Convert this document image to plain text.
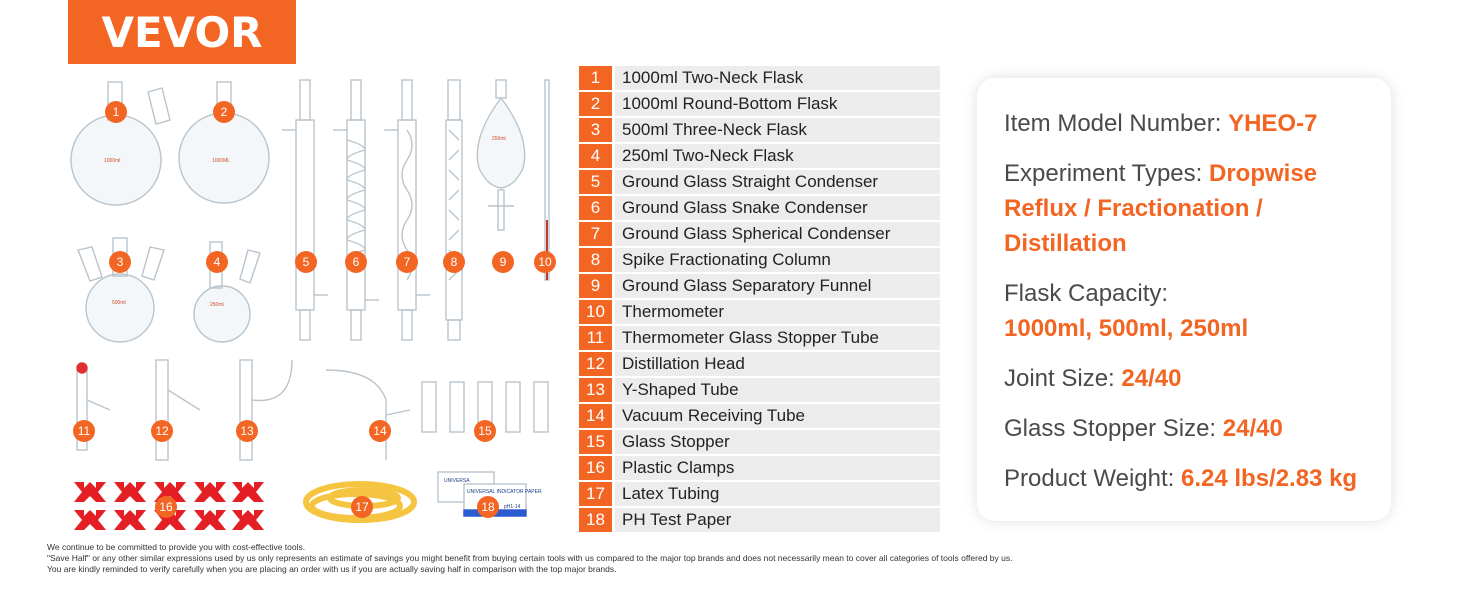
VEVOR
1000ml	1000ML
500ml	250ml
250ml
UNIVERSA
UNIVERSAL INDICATOR PAPER
pH1-14
1	2
3	4	5	6	7	8	9	10
11	12	13	14	15
16	17	18
1	1000ml Two-Neck Flask
2	1000ml Round-Bottom Flask
3	500ml Three-Neck Flask
4	250ml Two-Neck Flask
5	Ground Glass Straight Condenser
6	Ground Glass Snake Condenser
7	Ground Glass Spherical Condenser
8	Spike Fractionating Column
9	Ground Glass Separatory Funnel
10	Thermometer
11	Thermometer Glass Stopper Tube
12	Distillation Head
13	Y-Shaped Tube
14	Vacuum Receiving Tube
15	Glass Stopper
16	Plastic Clamps
17	Latex Tubing
18	PH Test Paper
Item Model Number: YHEO-7
Experiment Types: Dropwise Reflux / Fractionation / Distillation
Flask Capacity:
1000ml, 500ml, 250ml
Joint Size: 24/40
Glass Stopper Size: 24/40
Product Weight: 6.24 lbs/2.83 kg
We continue to be committed to provide you with cost-effective tools.
"Save Half" or any other similar expressions used by us only represents an estimate of savings you might benefit from buying certain tools with us compared to the major top brands and does not necessarily mean to cover all categories of tools offered by us.
You are kindly reminded to verify carefully when you are placing an order with us if you are actually saving half in comparison with the top major brands.
